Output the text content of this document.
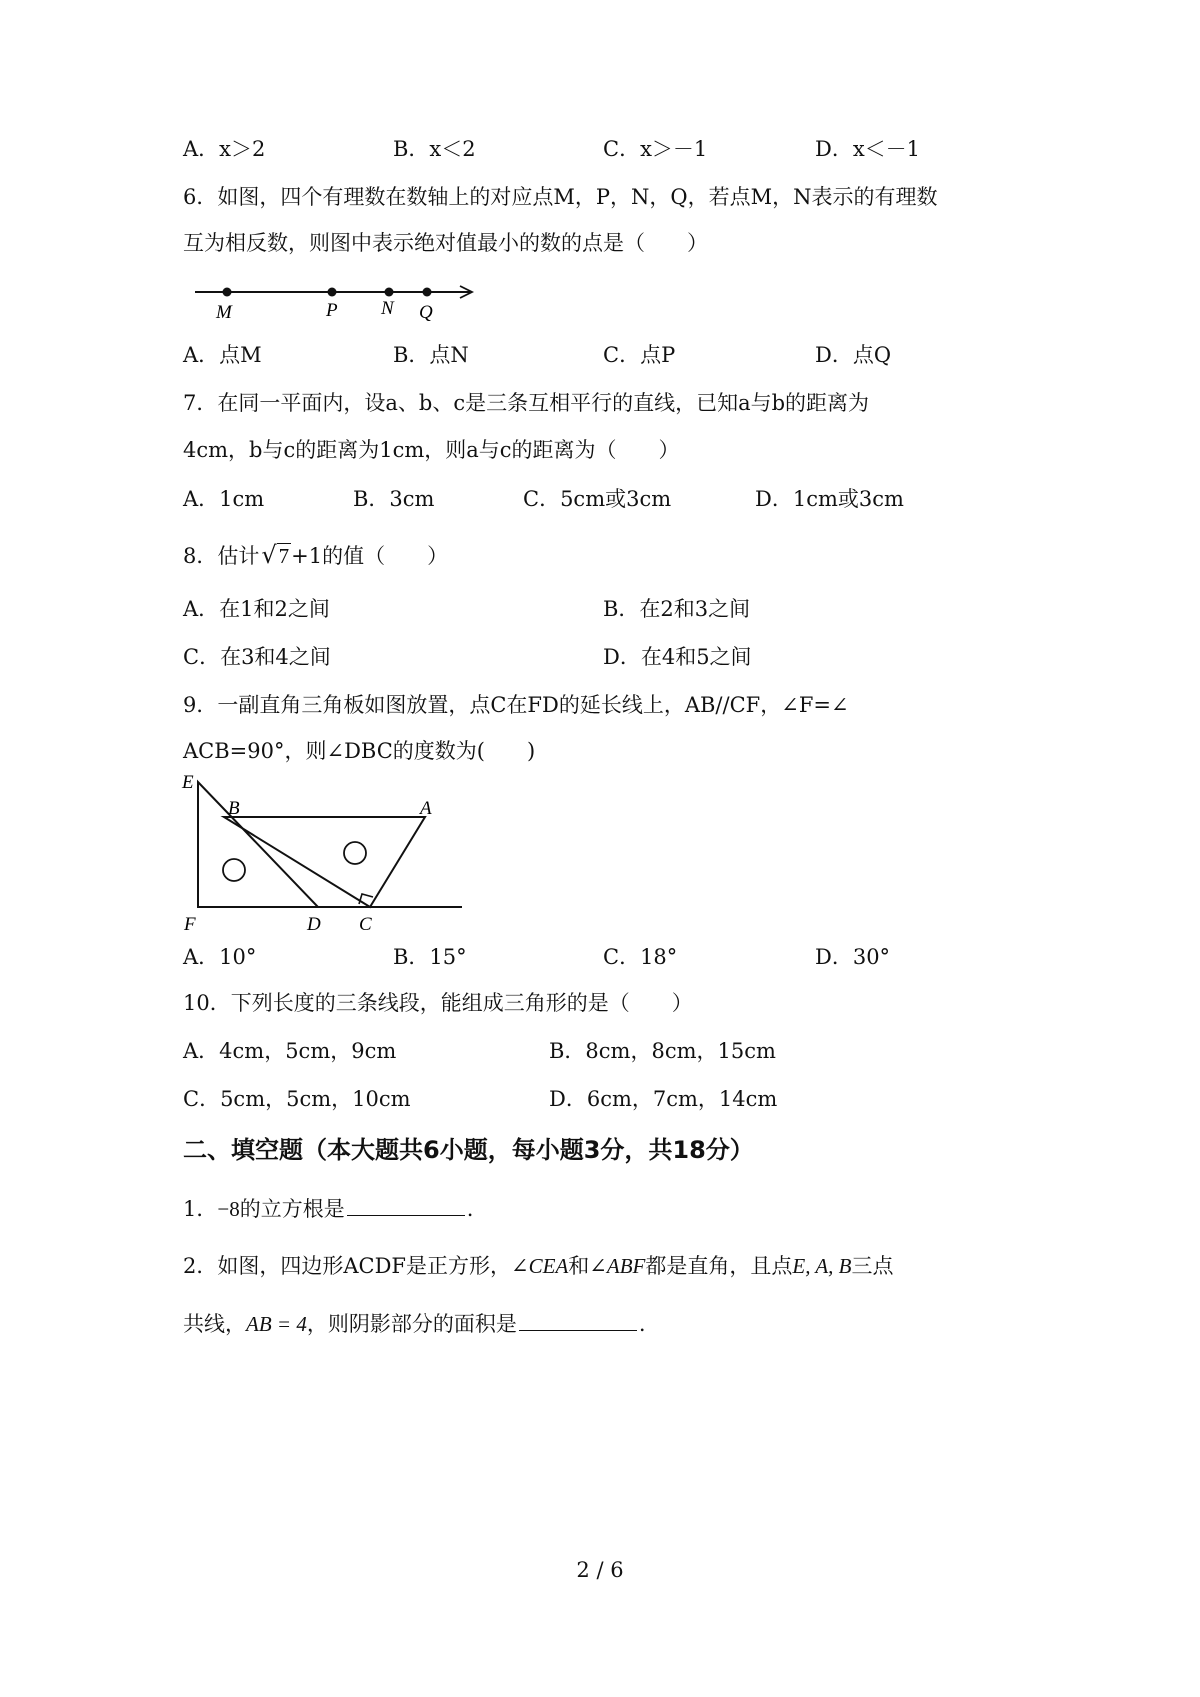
A．x＞2	B．x＜2	C．x＞－1	D．x＜－1
6．如图，四个有理数在数轴上的对应点M，P，N，Q，若点M，N表示的有理数
互为相反数，则图中表示绝对值最小的数的点是（　　）
M	P N Q
A．点M	B．点N	C．点P	D．点Q
7．在同一平面内，设a、b、c是三条互相平行的直线，已知a与b的距离为
4cm，b与c的距离为1cm，则a与c的距离为（　　）
A．1cm	B．3cm	C．5cm或3cm	D．1cm或3cm
8．估计√7+1的值（　　）
A．在1和2之间	B．在2和3之间
C．在3和4之间	D．在4和5之间
9．一副直角三角板如图放置，点C在FD的延长线上，AB//CF，∠F=∠
ACB=90°，则∠DBC的度数为(　　)
E
B	A
F	D C
A．10°	B．15°	C．18°	D．30°
10．下列长度的三条线段，能组成三角形的是（　　）
A．4cm，5cm，9cm	B．8cm，8cm，15cm
C．5cm，5cm，10cm	D．6cm，7cm，14cm
二、填空题（本大题共6小题，每小题3分，共18分）
1．−8的立方根是	.
2．如图，四边形ACDF是正方形，∠CEA和∠ABF都是直角，且点E, A, B三点
共线，AB = 4，则阴影部分的面积是	.
2 / 6
